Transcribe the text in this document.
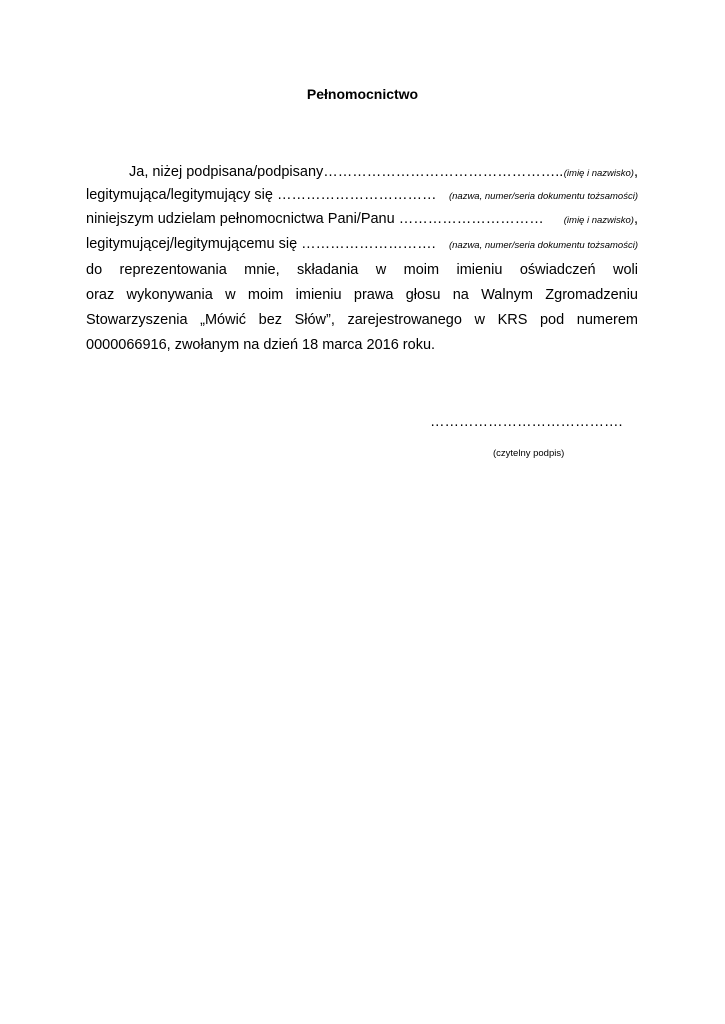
Pełnomocnictwo
Ja, niżej podpisana/podpisany………………………………………….. (imię i nazwisko),
legitymująca/legitymujący się …………………………… (nazwa, numer/seria dokumentu tożsamości)
niniejszym udzielam pełnomocnictwa Pani/Panu ………………………… (imię i nazwisko),
legitymującej/legitymującemu się ………………………. (nazwa, numer/seria dokumentu tożsamości)
do reprezentowania mnie, składania w moim imieniu oświadczeń woli
oraz wykonywania w moim imieniu prawa głosu na Walnym Zgromadzeniu
Stowarzyszenia „Mówić bez Słów”, zarejestrowanego w KRS pod numerem
0000066916, zwołanym na dzień 18 marca 2016 roku.
………………………………….
(czytelny podpis)
